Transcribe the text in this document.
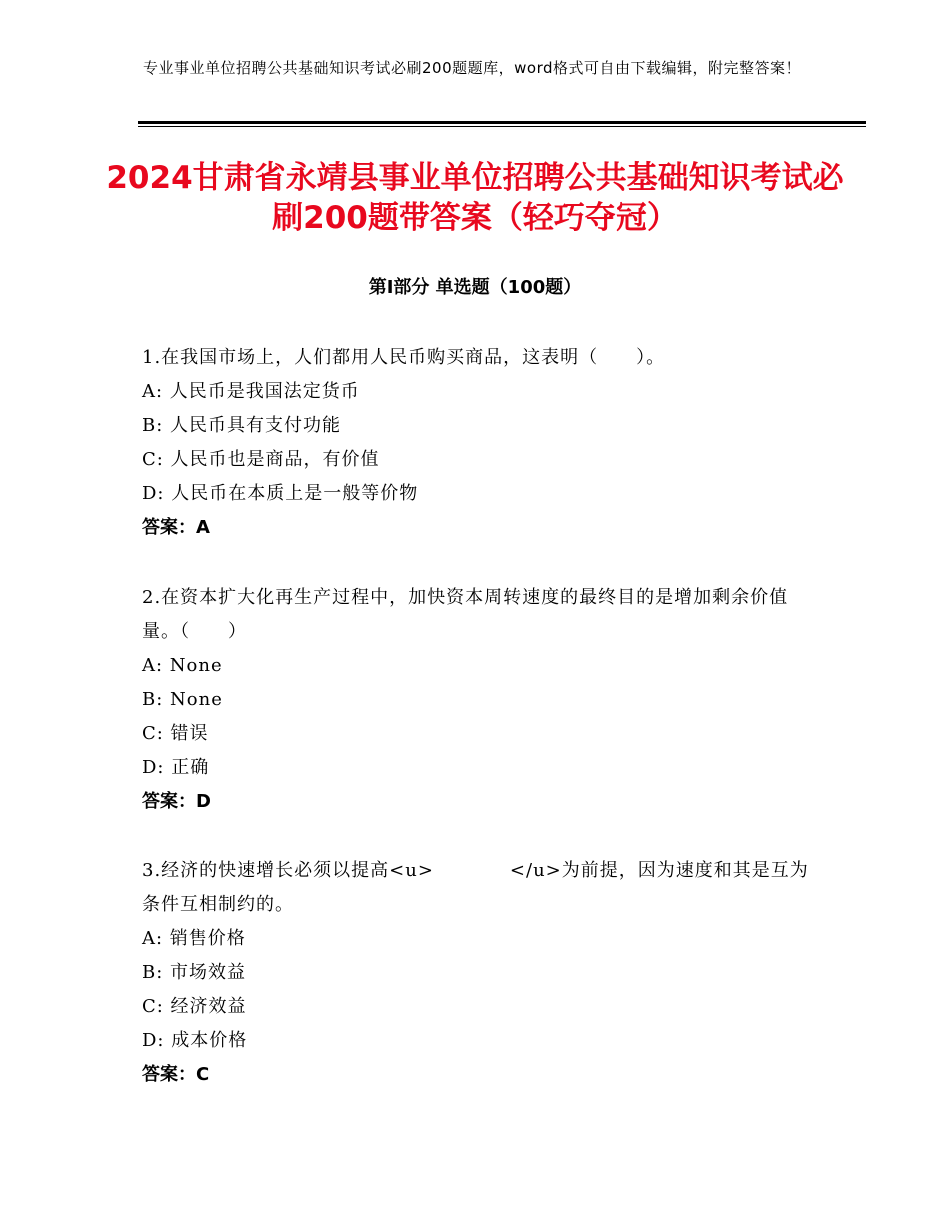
专业事业单位招聘公共基础知识考试必刷200题题库，word格式可自由下载编辑，附完整答案！
2024甘肃省永靖县事业单位招聘公共基础知识考试必刷200题带答案（轻巧夺冠）
第Ⅰ部分 单选题（100题）

1.在我国市场上，人们都用人民币购买商品，这表明（　　）。

A: 人民币是我国法定货币

B: 人民币具有支付功能

C: 人民币也是商品，有价值

D: 人民币在本质上是一般等价物

答案：A

2.在资本扩大化再生产过程中，加快资本周转速度的最终目的是增加剩余价值量。（　　）

A: None

B: None

C: 错误

D: 正确

答案：D

3.经济的快速增长必须以提高<u>　　　　</u>为前提，因为速度和其是互为条件互相制约的。

A: 销售价格

B: 市场效益

C: 经济效益

D: 成本价格

答案：C
